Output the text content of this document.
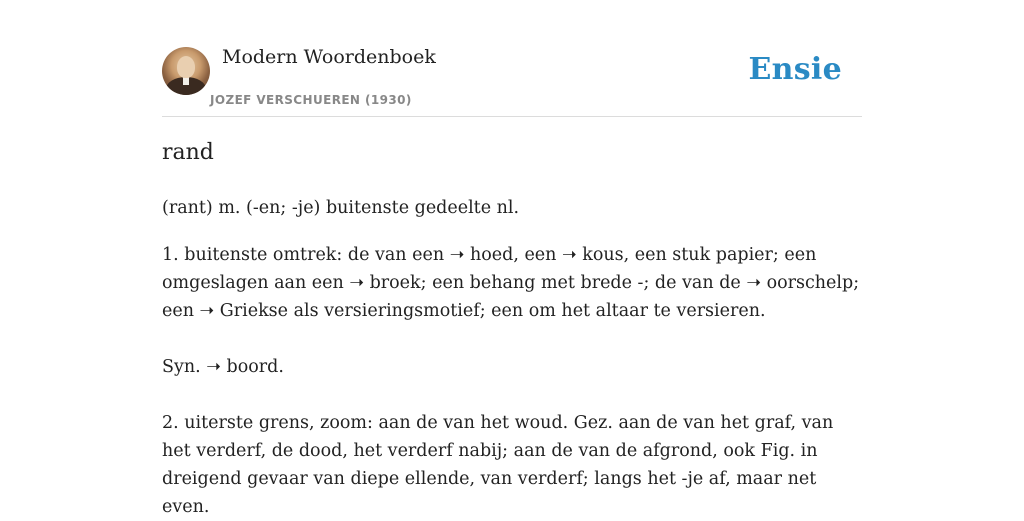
Modern Woordenboek
JOZEF VERSCHUEREN (1930)
Ensie
rand

(rant) m. (-en; -je) buitenste gedeelte nl.

1. buitenste omtrek: de van een ➝ hoed, een ➝ kous, een stuk papier; een omgeslagen aan een ➝ broek; een behang met brede -; de van de ➝ oorschelp; een ➝ Griekse als versieringsmotief; een om het altaar te versieren.

Syn. ➝ boord.

2. uiterste grens, zoom: aan de van het woud. Gez. aan de van het graf, van het verderf, de dood, het verderf nabij; aan de van de afgrond, ook Fig. in dreigend gevaar van diepe ellende, van verderf; langs het -je af, maar net even.
